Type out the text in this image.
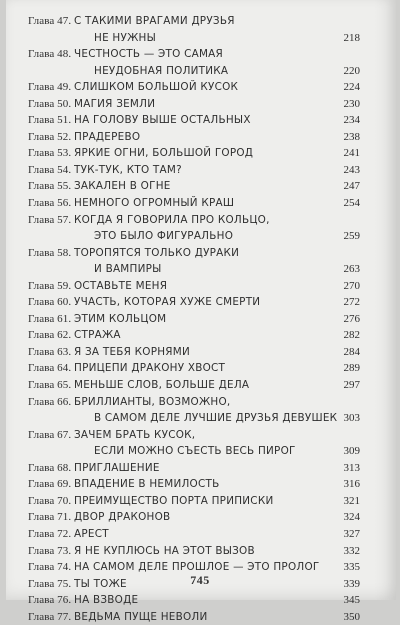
Глава 47. С ТАКИМИ ВРАГАМИ ДРУЗЬЯ
НЕ НУЖНЫ	218
Глава 48. ЧЕСТНОСТЬ — ЭТО САМАЯ
НЕУДОБНАЯ ПОЛИТИКА	220
Глава 49. СЛИШКОМ БОЛЬШОЙ КУСОК	224
Глава 50. МАГИЯ ЗЕМЛИ	230
Глава 51. НА ГОЛОВУ ВЫШЕ ОСТАЛЬНЫХ	234
Глава 52. ПРАДЕРЕВО	238
Глава 53. ЯРКИЕ ОГНИ, БОЛЬШОЙ ГОРОД	241
Глава 54. ТУК-ТУК, КТО ТАМ?	243
Глава 55. ЗАКАЛЕН В ОГНЕ	247
Глава 56. НЕМНОГО ОГРОМНЫЙ КРАШ	254
Глава 57. КОГДА Я ГОВОРИЛА ПРО КОЛЬЦО,
ЭТО БЫЛО ФИГУРАЛЬНО	259
Глава 58. ТОРОПЯТСЯ ТОЛЬКО ДУРАКИ
И ВАМПИРЫ	263
Глава 59. ОСТАВЬТЕ МЕНЯ	270
Глава 60. УЧАСТЬ, КОТОРАЯ ХУЖЕ СМЕРТИ	272
Глава 61. ЭТИМ КОЛЬЦОМ	276
Глава 62. СТРАЖА	282
Глава 63. Я ЗА ТЕБЯ КОРНЯМИ	284
Глава 64. ПРИЦЕПИ ДРАКОНУ ХВОСТ	289
Глава 65. МЕНЬШЕ СЛОВ, БОЛЬШЕ ДЕЛА	297
Глава 66. БРИЛЛИАНТЫ, ВОЗМОЖНО,
В САМОМ ДЕЛЕ ЛУЧШИЕ ДРУЗЬЯ ДЕВУШЕК 303
Глава 67. ЗАЧЕМ БРАТЬ КУСОК,
ЕСЛИ МОЖНО СЪЕСТЬ ВЕСЬ ПИРОГ	309
Глава 68. ПРИГЛАШЕНИЕ	313
Глава 69. ВПАДЕНИЕ В НЕМИЛОСТЬ	316
Глава 70. ПРЕИМУЩЕСТВО ПОРТА ПРИПИСКИ	321
Глава 71. ДВОР ДРАКОНОВ	324
Глава 72. АРЕСТ	327
Глава 73. Я НЕ КУПЛЮСЬ НА ЭТОТ ВЫЗОВ	332
Глава 74. НА САМОМ ДЕЛЕ ПРОШЛОЕ — ЭТО ПРОЛОГ	335
Глава 75. ТЫ ТОЖЕ	339
Глава 76. НА ВЗВОДЕ	345
Глава 77. ВЕДЬМА ПУЩЕ НЕВОЛИ	350
745
